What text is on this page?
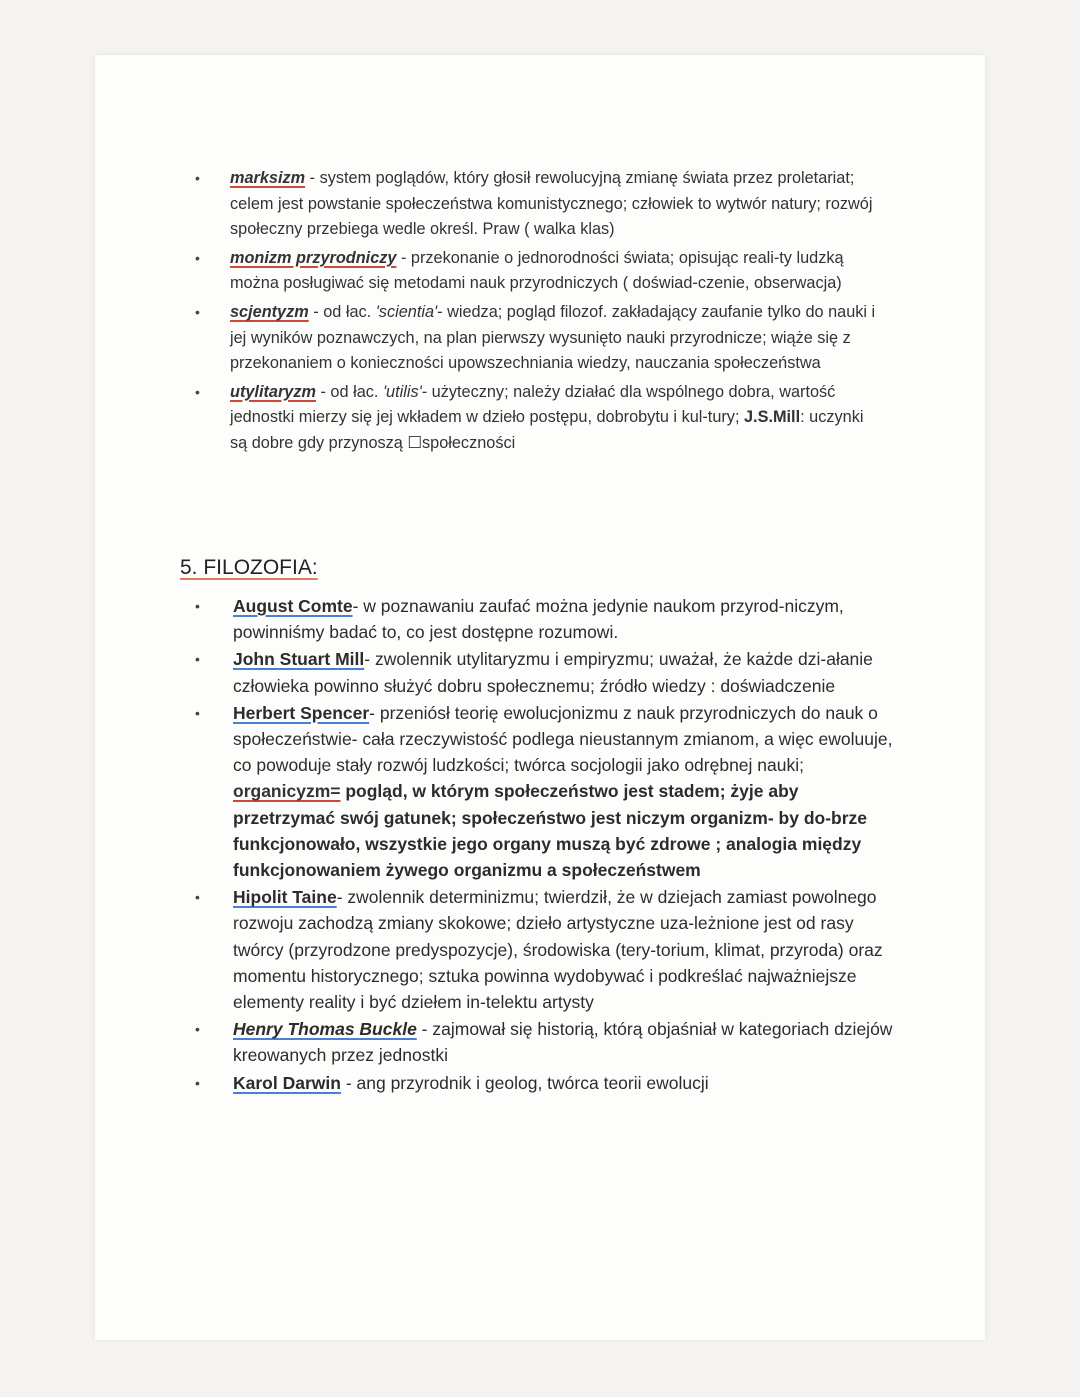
• marksizm - system poglądów, który głosił rewolucyjną zmianę świata przez proletariat; celem jest powstanie społeczeństwa komunistycznego; człowiek to wytwór natury; rozwój społeczny przebiega wedle określ. Praw ( walka klas)
• monizm przyrodniczy - przekonanie o jednorodności świata; opisując reali-ty ludzką można posługiwać się metodami nauk przyrodniczych ( doświad-czenie, obserwacja)
• scjentyzm - od łac. 'scientia'- wiedza; pogląd filozof. zakładający zaufanie tylko do nauki i jej wyników poznawczych, na plan pierwszy wysunięto nauki przyrodnicze; wiąże się z przekonaniem o konieczności upowszechniania wiedzy, nauczania społeczeństwa
• utylitaryzm - od łac. 'utilis'- użyteczny; należy działać dla wspólnego dobra, wartość jednostki mierzy się jej wkładem w dzieło postępu, dobrobytu i kul-tury; J.S.Mill: uczynki są dobre gdy przynoszą ☐społeczności
5. FILOZOFIA:
• August Comte- w poznawaniu zaufać można jedynie naukom przyrod-niczym, powinniśmy badać to, co jest dostępne rozumowi.
• John Stuart Mill- zwolennik utylitaryzmu i empiryzmu; uważał, że każde dzi-ałanie człowieka powinno służyć dobru społecznemu; źródło wiedzy : doświadczenie
• Herbert Spencer- przeniósł teorię ewolucjonizmu z nauk przyrodniczych do nauk o społeczeństwie- cała rzeczywistość podlega nieustannym zmianom, a więc ewoluuje, co powoduje stały rozwój ludzkości; twórca socjologii jako odrębnej nauki;
organicyzm= pogląd, w którym społeczeństwo jest stadem; żyje aby przetrzymać swój gatunek; społeczeństwo jest niczym organizm- by do-brze funkcjonowało, wszystkie jego organy muszą być zdrowe ; analogia między funkcjonowaniem żywego organizmu a społeczeństwem
• Hipolit Taine- zwolennik determinizmu; twierdził, że w dziejach zamiast powolnego rozwoju zachodzą zmiany skokowe; dzieło artystyczne uza-leżnione jest od rasy twórcy (przyrodzone predyspozycje), środowiska (tery-torium, klimat, przyroda) oraz momentu historycznego; sztuka powinna wydobywać i podkreślać najważniejsze elementy reality i być dziełem in-telektu artysty
• Henry Thomas Buckle - zajmował się historią, którą objaśniał w kategoriach dziejów kreowanych przez jednostki
• Karol Darwin - ang przyrodnik i geolog, twórca teorii ewolucji
